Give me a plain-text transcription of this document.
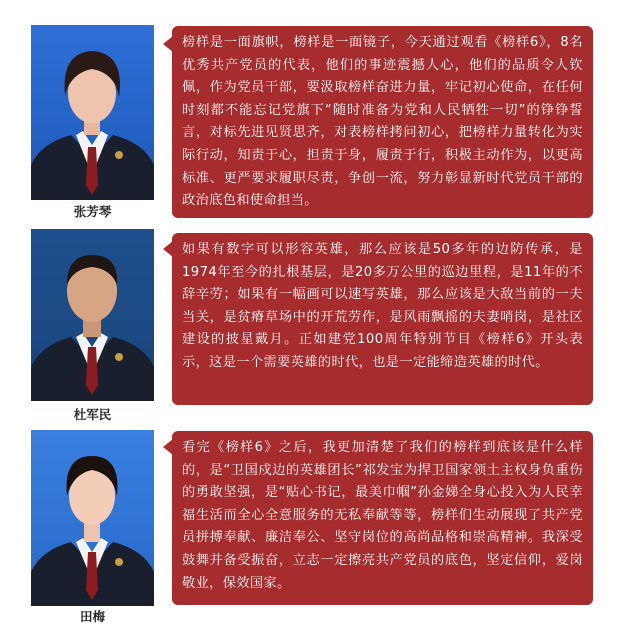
张芳琴
榜样是一面旗帜，榜样是一面镜子，今天通过观看《榜样6》，8名优秀共产党员的代表，他们的事迹震撼人心，他们的品质令人钦佩，作为党员干部，要汲取榜样奋进力量，牢记初心使命，在任何时刻都不能忘记党旗下“随时准备为党和人民牺牲一切”的铮铮誓言，对标先进见贤思齐，对表榜样拷问初心，把榜样力量转化为实际行动，知责于心，担责于身，履责于行，积极主动作为，以更高标准、更严要求履职尽责，争创一流，努力彰显新时代党员干部的政治底色和使命担当。
杜军民
如果有数字可以形容英雄，那么应该是50多年的边防传承，是1974年至今的扎根基层，是20多万公里的巡边里程，是11年的不辞辛劳；如果有一幅画可以速写英雄，那么应该是大敌当前的一夫当关，是贫瘠草场中的开荒劳作，是风雨飘摇的夫妻哨岗，是社区建设的披星戴月。正如建党100周年特别节目《榜样6》开头表示，这是一个需要英雄的时代，也是一定能缔造英雄的时代。
田梅
看完《榜样6》之后，我更加清楚了我们的榜样到底该是什么样的，是“卫国戍边的英雄团长”祁发宝为捍卫国家领土主权身负重伤的勇敢坚强，是“贴心书记，最美巾帼”孙金娣全身心投入为人民幸福生活而全心全意服务的无私奉献等等，榜样们生动展现了共产党员拼搏奉献、廉洁奉公、坚守岗位的高尚品格和崇高精神。我深受鼓舞并备受振奋，立志一定擦亮共产党员的底色，坚定信仰，爱岗敬业，保效国家。
